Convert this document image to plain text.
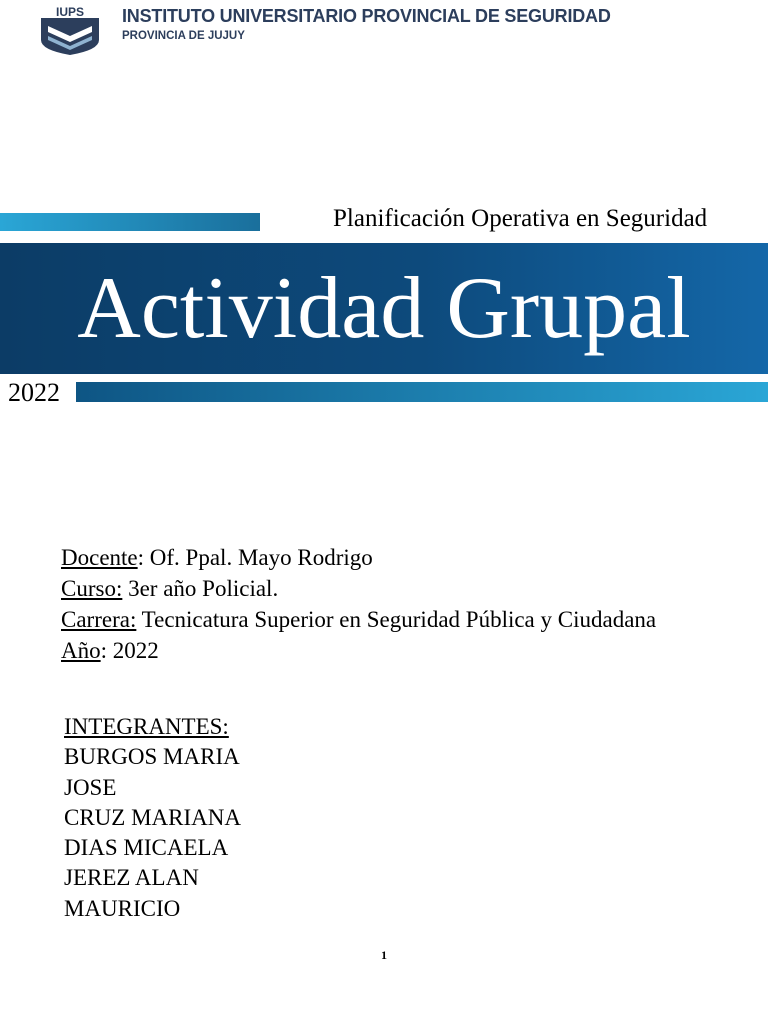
IUPS INSTITUTO UNIVERSITARIO PROVINCIAL DE SEGURIDAD
PROVINCIA DE JUJUY
Planificación Operativa en Seguridad
Actividad Grupal
2022
Docente: Of. Ppal. Mayo Rodrigo
Curso: 3er año Policial.
Carrera: Tecnicatura Superior en Seguridad Pública y Ciudadana
Año: 2022
INTEGRANTES:
BURGOS MARIA
JOSE
CRUZ MARIANA
DIAS MICAELA
JEREZ ALAN
MAURICIO
1
